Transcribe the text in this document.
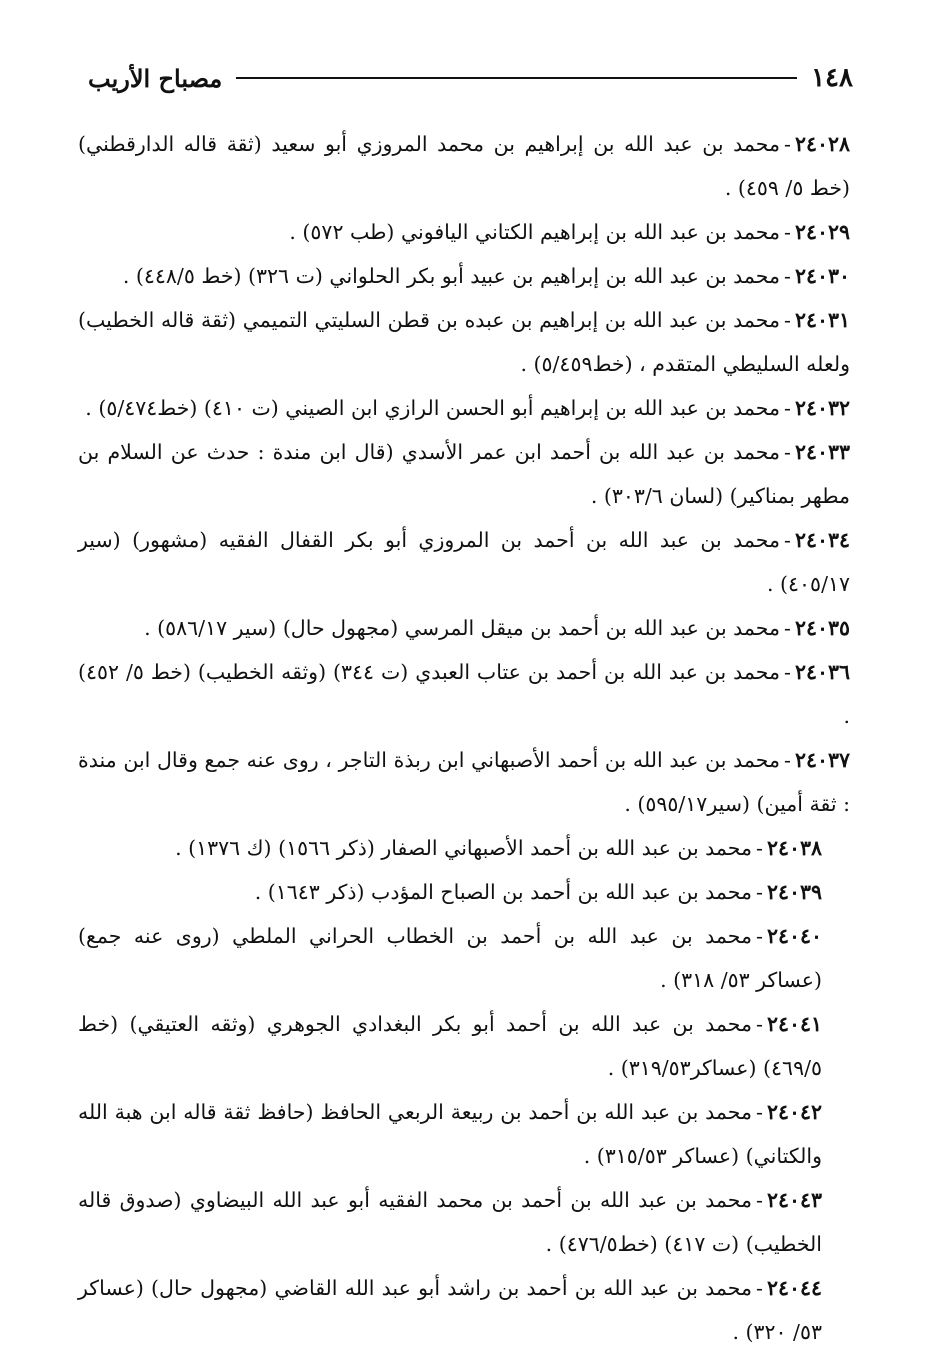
١٤٨
مصباح الأريب

٢٤٠٢٨-محمد بن عبد الله بن إبراهيم بن محمد المروزي أبو سعيد (ثقة قاله الدارقطني) (خط ٥/ ٤٥٩) .

٢٤٠٢٩-محمد بن عبد الله بن إبراهيم الكتاني اليافوني (طب ٥٧٢) .

٢٤٠٣٠-محمد بن عبد الله بن إبراهيم بن عبيد أبو بكر الحلواني (ت ٣٢٦) (خط ٤٤٨/٥) .

٢٤٠٣١-محمد بن عبد الله بن إبراهيم بن عبده بن قطن السليتي التميمي (ثقة قاله الخطيب) ولعله السليطي المتقدم ، (خط٥/٤٥٩) .

٢٤٠٣٢-محمد بن عبد الله بن إبراهيم أبو الحسن الرازي ابن الصيني (ت ٤١٠) (خط٥/٤٧٤) .

٢٤٠٣٣-محمد بن عبد الله بن أحمد ابن عمر الأسدي (قال ابن مندة : حدث عن السلام بن مطهر بمناكير) (لسان ٣٠٣/٦) .

٢٤٠٣٤-محمد بن عبد الله بن أحمد بن المروزي أبو بكر القفال الفقيه (مشهور) (سير ٤٠٥/١٧) .

٢٤٠٣٥-محمد بن عبد الله بن أحمد بن ميقل المرسي (مجهول حال) (سير ٥٨٦/١٧) .

٢٤٠٣٦-محمد بن عبد الله بن أحمد بن عتاب العبدي (ت ٣٤٤) (وثقه الخطيب) (خط ٥/ ٤٥٢) .

٢٤٠٣٧-محمد بن عبد الله بن أحمد الأصبهاني ابن ربذة التاجر ، روى عنه جمع وقال ابن مندة : ثقة أمين) (سير٥٩٥/١٧) .

٢٤٠٣٨-محمد بن عبد الله بن أحمد الأصبهاني الصفار (ذكر ١٥٦٦) (ك ١٣٧٦) .

٢٤٠٣٩-محمد بن عبد الله بن أحمد بن الصباح المؤدب (ذكر ١٦٤٣) .

٢٤٠٤٠-محمد بن عبد الله بن أحمد بن الخطاب الحراني الملطي (روى عنه جمع) (عساكر ٥٣/ ٣١٨) .

٢٤٠٤١-محمد بن عبد الله بن أحمد أبو بكر البغدادي الجوهري (وثقه العتيقي) (خط ٤٦٩/٥) (عساكر٣١٩/٥٣) .

٢٤٠٤٢-محمد بن عبد الله بن أحمد بن ربيعة الربعي الحافظ (حافظ ثقة قاله ابن هبة الله والكتاني) (عساكر ٣١٥/٥٣) .

٢٤٠٤٣-محمد بن عبد الله بن أحمد بن محمد الفقيه أبو عبد الله البيضاوي (صدوق قاله الخطيب) (ت ٤١٧) (خط٤٧٦/٥) .

٢٤٠٤٤-محمد بن عبد الله بن أحمد بن راشد أبو عبد الله القاضي (مجهول حال) (عساكر ٥٣/ ٣٢٠) .
